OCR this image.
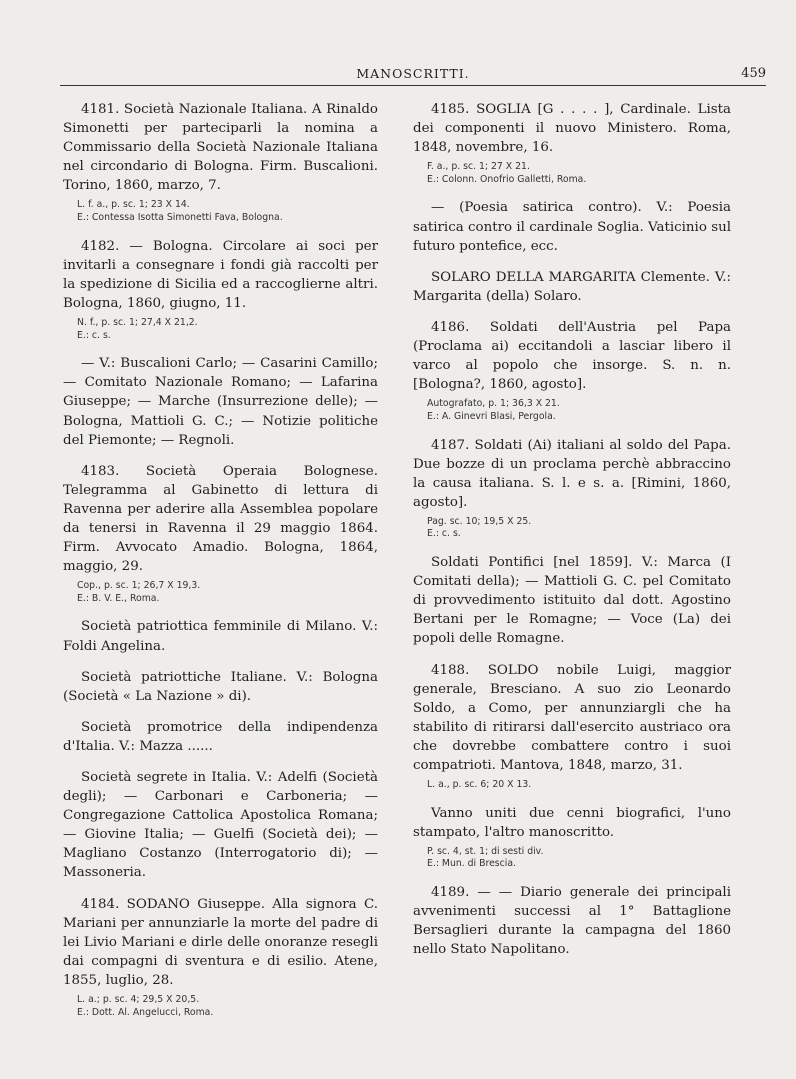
MANOSCRITTI.	459

4181. Società Nazionale Italiana. A Rinaldo Simonetti per parteciparli la nomina a Commissario della Società Nazionale Italiana nel circondario di Bologna. Firm. Buscalioni. Torino, 1860, marzo, 7.

L. f. a., p. sc. 1; 23 X 14.
E.: Contessa Isotta Simonetti Fava, Bologna.

4182. — Bologna. Circolare ai soci per invitarli a consegnare i fondi già raccolti per la spedizione di Sicilia ed a raccoglierne altri. Bologna, 1860, giugno, 11.

N. f., p. sc. 1; 27,4 X 21,2.
E.: c. s.

— V.: Buscalioni Carlo; — Casarini Camillo; — Comitato Nazionale Romano; — Lafarina Giuseppe; — Marche (Insurrezione delle); — Bologna, Mattioli G. C.; — Notizie politiche del Piemonte; — Regnoli.

4183. Società Operaia Bolognese. Telegramma al Gabinetto di lettura di Ravenna per aderire alla Assemblea popolare da tenersi in Ravenna il 29 maggio 1864. Firm. Avvocato Amadio. Bologna, 1864, maggio, 29.

Cop., p. sc. 1; 26,7 X 19,3.
E.: B. V. E., Roma.

Società patriottica femminile di Milano. V.: Foldi Angelina.

Società patriottiche Italiane. V.: Bologna (Società « La Nazione » di).

Società promotrice della indipendenza d'Italia. V.: Mazza ......

Società segrete in Italia. V.: Adelfi (Società degli); — Carbonari e Carboneria; — Congregazione Cattolica Apostolica Romana; — Giovine Italia; — Guelfi (Società dei); — Magliano Costanzo (Interrogatorio di); — Massoneria.

4184. SODANO Giuseppe. Alla signora C. Mariani per annunziarle la morte del padre di lei Livio Mariani e dirle delle onoranze resegli dai compagni di sventura e di esilio. Atene, 1855, luglio, 28.

L. a.; p. sc. 4; 29,5 X 20,5.
E.: Dott. Al. Angelucci, Roma.

4185. SOGLIA [G . . . . ], Cardinale. Lista dei componenti il nuovo Ministero. Roma, 1848, novembre, 16.

F. a., p. sc. 1; 27 X 21.
E.: Colonn. Onofrio Galletti, Roma.

— (Poesia satirica contro). V.: Poesia satirica contro il cardinale Soglia. Vaticinio sul futuro pontefice, ecc.

SOLARO DELLA MARGARITA Clemente. V.: Margarita (della) Solaro.

4186. Soldati dell'Austria pel Papa (Proclama ai) eccitandoli a lasciar libero il varco al popolo che insorge. S. n. n. [Bologna?, 1860, agosto].

Autografato, p. 1; 36,3 X 21.
E.: A. Ginevri Blasi, Pergola.

4187. Soldati (Ai) italiani al soldo del Papa. Due bozze di un proclama perchè abbraccino la causa italiana. S. l. e s. a. [Rimini, 1860, agosto].

Pag. sc. 10; 19,5 X 25.
E.: c. s.

Soldati Pontifici [nel 1859]. V.: Marca (I Comitati della); — Mattioli G. C. pel Comitato di provvedimento istituito dal dott. Agostino Bertani per le Romagne; — Voce (La) dei popoli delle Romagne.

4188. SOLDO nobile Luigi, maggior generale, Bresciano. A suo zio Leonardo Soldo, a Como, per annunziargli che ha stabilito di ritirarsi dall'esercito austriaco ora che dovrebbe combattere contro i suoi compatrioti. Mantova, 1848, marzo, 31.

L. a., p. sc. 6; 20 X 13.

Vanno uniti due cenni biografici, l'uno stampato, l'altro manoscritto.

P. sc. 4, st. 1; di sesti div.
E.: Mun. di Brescia.

4189. — — Diario generale dei principali avvenimenti successi al 1° Battaglione Bersaglieri durante la campagna del 1860 nello Stato Napolitano.
